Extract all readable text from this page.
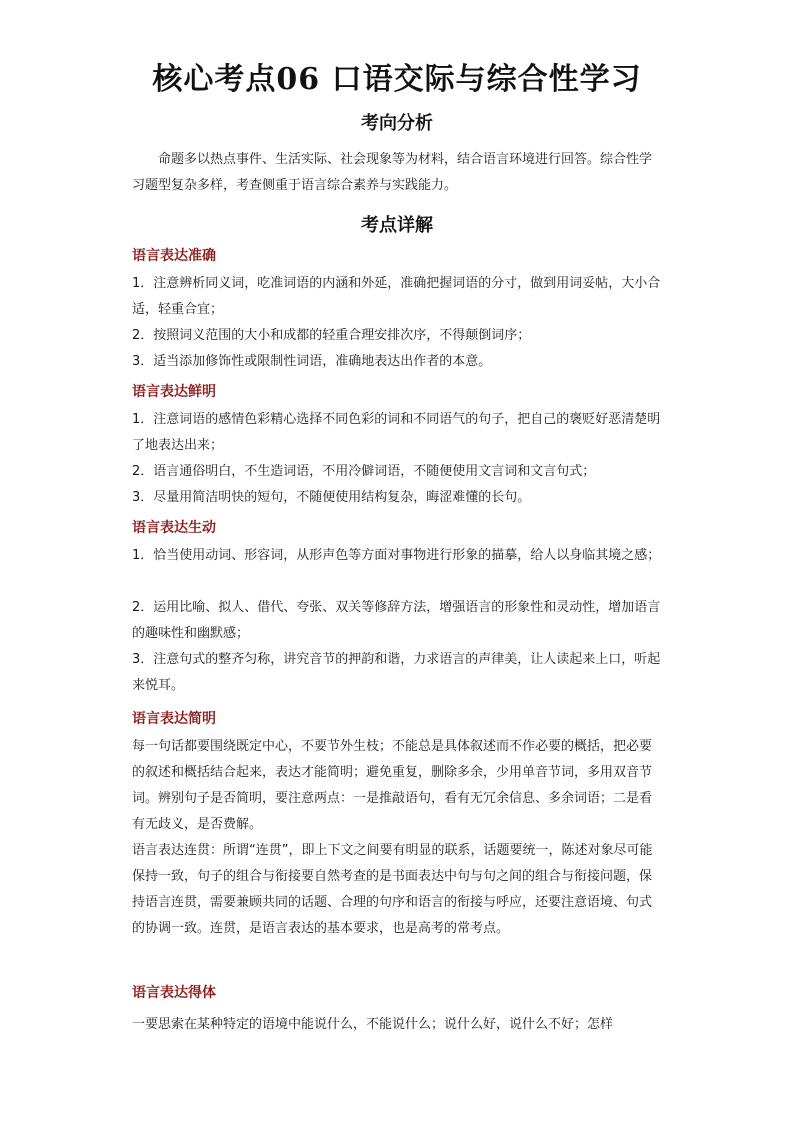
核心考点06 口语交际与综合性学习
考向分析
命题多以热点事件、生活实际、社会现象等为材料，结合语言环境进行回答。综合性学习题型复杂多样，考查侧重于语言综合素养与实践能力。
考点详解
语言表达准确
1．注意辨析同义词，吃准词语的内涵和外延，准确把握词语的分寸，做到用词妥帖，大小合适，轻重合宜；
2．按照词义范围的大小和成都的轻重合理安排次序，不得颠倒词序；
3．适当添加修饰性或限制性词语，准确地表达出作者的本意。
语言表达鲜明
1．注意词语的感情色彩精心选择不同色彩的词和不同语气的句子，把自己的褒贬好恶清楚明了地表达出来；
2．语言通俗明白，不生造词语，不用冷僻词语，不随便使用文言词和文言句式；
3．尽量用简洁明快的短句，不随便使用结构复杂，晦涩难懂的长句。
语言表达生动
1．恰当使用动词、形容词，从形声色等方面对事物进行形象的描摹，给人以身临其境之感；
2．运用比喻、拟人、借代、夸张、双关等修辞方法，增强语言的形象性和灵动性，增加语言的趣味性和幽默感；
3．注意句式的整齐匀称，讲究音节的押韵和谐，力求语言的声律美，让人读起来上口，听起来悦耳。
语言表达简明
每一句话都要围绕既定中心，不要节外生枝；不能总是具体叙述而不作必要的概括，把必要的叙述和概括结合起来，表达才能简明；避免重复，删除多余，少用单音节词，多用双音节词。辨别句子是否简明，要注意两点：一是推敲语句，看有无冗余信息、多余词语；二是看有无歧义，是否费解。
语言表达连贯：所谓“连贯”，即上下文之间要有明显的联系，话题要统一，陈述对象尽可能保持一致，句子的组合与衔接要自然考查的是书面表达中句与句之间的组合与衔接问题，保持语言连贯，需要兼顾共同的话题、合理的句序和语言的衔接与呼应，还要注意语境、句式的协调一致。连贯，是语言表达的基本要求，也是高考的常考点。
语言表达得体
一要思索在某种特定的语境中能说什么，不能说什么；说什么好，说什么不好；怎样
